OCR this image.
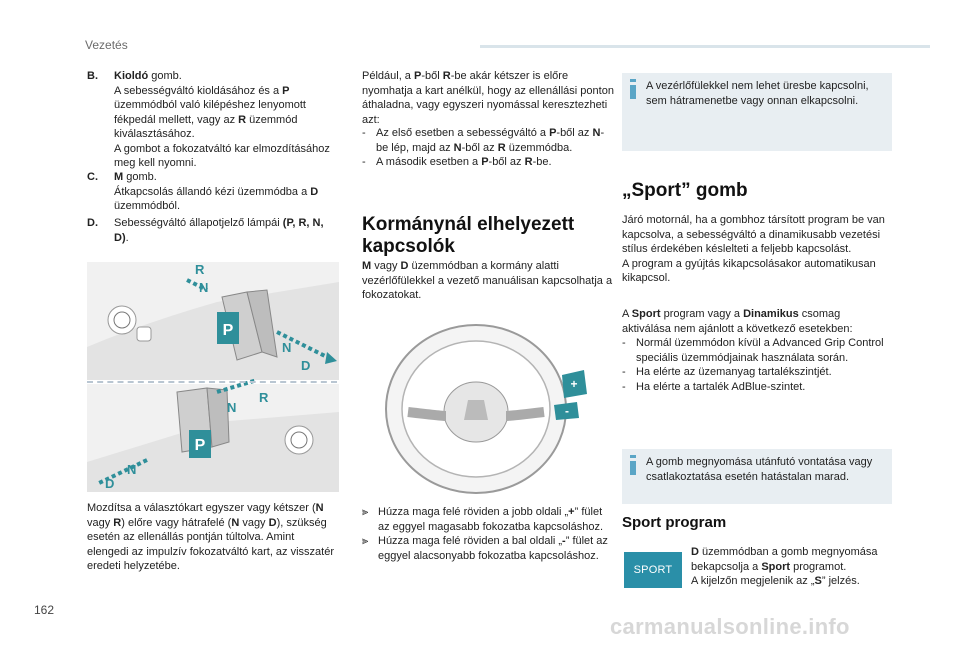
Vezetés
B.	Kioldó gomb.
A sebességváltó kioldásához és a P üzemmódból való kilépéshez lenyomott fékpedál mellett, vagy az R üzemmód kiválasztásához.
A gombot a fokozatváltó kar elmozdításához meg kell nyomni.
C.	M gomb.
Átkapcsolás állandó kézi üzemmódba a D üzemmódból.
D.	Sebességváltó állapotjelző lámpái (P, R, N, D).
P
R
N
N
D
P
R
N
N
D
Mozdítsa a választókart egyszer vagy kétszer (N vagy R) előre vagy hátrafelé (N vagy D), szükség esetén az ellenállás pontján túltolva. Amint elengedi az impulzív fokozatváltó kart, az visszatér eredeti helyzetébe.
Például, a P-ből R-be akár kétszer is előre nyomhatja a kart anélkül, hogy az ellenállási ponton áthaladna, vagy egyszeri nyomással keresztezheti azt:
- Az első esetben a sebességváltó a P-ből az N-be lép, majd az N-ből az R üzemmódba.
- A második esetben a P-ből az R-be.
Kormánynál elhelyezett kapcsolók
M vagy D üzemmódban a kormány alatti vezérlőfülekkel a vezető manuálisan kapcsolhatja a fokozatokat.
+
-
⫸ Húzza maga felé röviden a jobb oldali „+” fület az eggyel magasabb fokozatba kapcsoláshoz.
⫸ Húzza maga felé röviden a bal oldali „-” fület az eggyel alacsonyabb fokozatba kapcsoláshoz.
A vezérlőfülekkel nem lehet üresbe kapcsolni, sem hátramenetbe vagy onnan elkapcsolni.
„Sport” gomb
Járó motornál, ha a gombhoz társított program be van kapcsolva, a sebességváltó a dinamikusabb vezetési stílus érdekében késlelteti a feljebb kapcsolást.
A program a gyújtás kikapcsolásakor automatikusan kikapcsol.
A Sport program vagy a Dinamikus csomag aktiválása nem ajánlott a következő esetekben:
- Normál üzemmódon kívül a Advanced Grip Control speciális üzemmódjainak használata során.
- Ha elérte az üzemanyag tartalékszintjét.
- Ha elérte a tartalék AdBlue-szintet.
A gomb megnyomása utánfutó vontatása vagy csatlakoztatása esetén hatástalan marad.
Sport program
SPORT
D üzemmódban a gomb megnyomása bekapcsolja a Sport programot.
A kijelzőn megjelenik az „S” jelzés.
162
carmanualsonline.info
